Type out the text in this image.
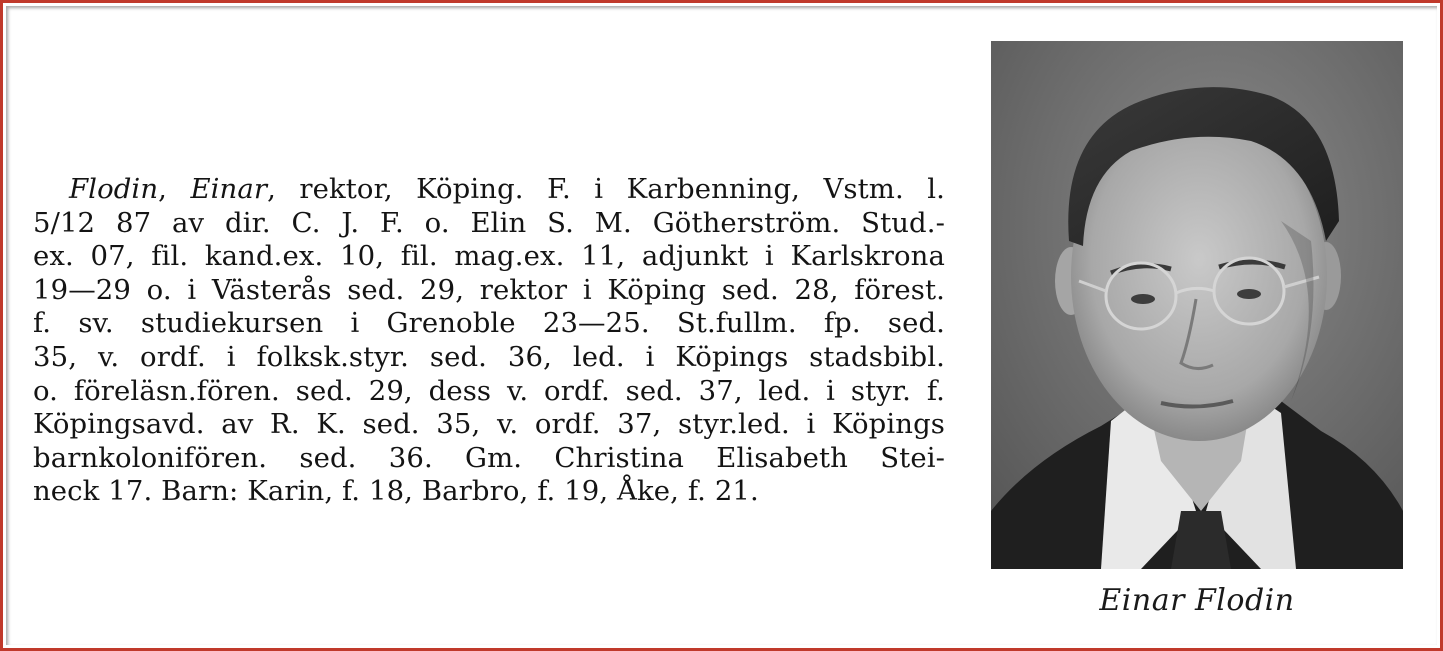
Flodin, Einar, rektor, Köping. F. i Karbenning, Vstm. l.
5/12 87 av dir. C. J. F. o. Elin S. M. Götherström. Stud.-
ex. 07, fil. kand.ex. 10, fil. mag.ex. 11, adjunkt i Karlskrona
19—29 o. i Västerås sed. 29, rektor i Köping sed. 28, förest.
f. sv. studiekursen i Grenoble 23—25. St.fullm. fp. sed.
35, v. ordf. i folksk.styr. sed. 36, led. i Köpings stadsbibl.
o. föreläsn.fören. sed. 29, dess v. ordf. sed. 37, led. i styr. f.
Köpingsavd. av R. K. sed. 35, v. ordf. 37, styr.led. i Köpings
barnkolonifören. sed. 36. Gm. Christina Elisabeth Stei-
neck 17. Barn: Karin, f. 18, Barbro, f. 19, Åke, f. 21.
Einar Flodin
